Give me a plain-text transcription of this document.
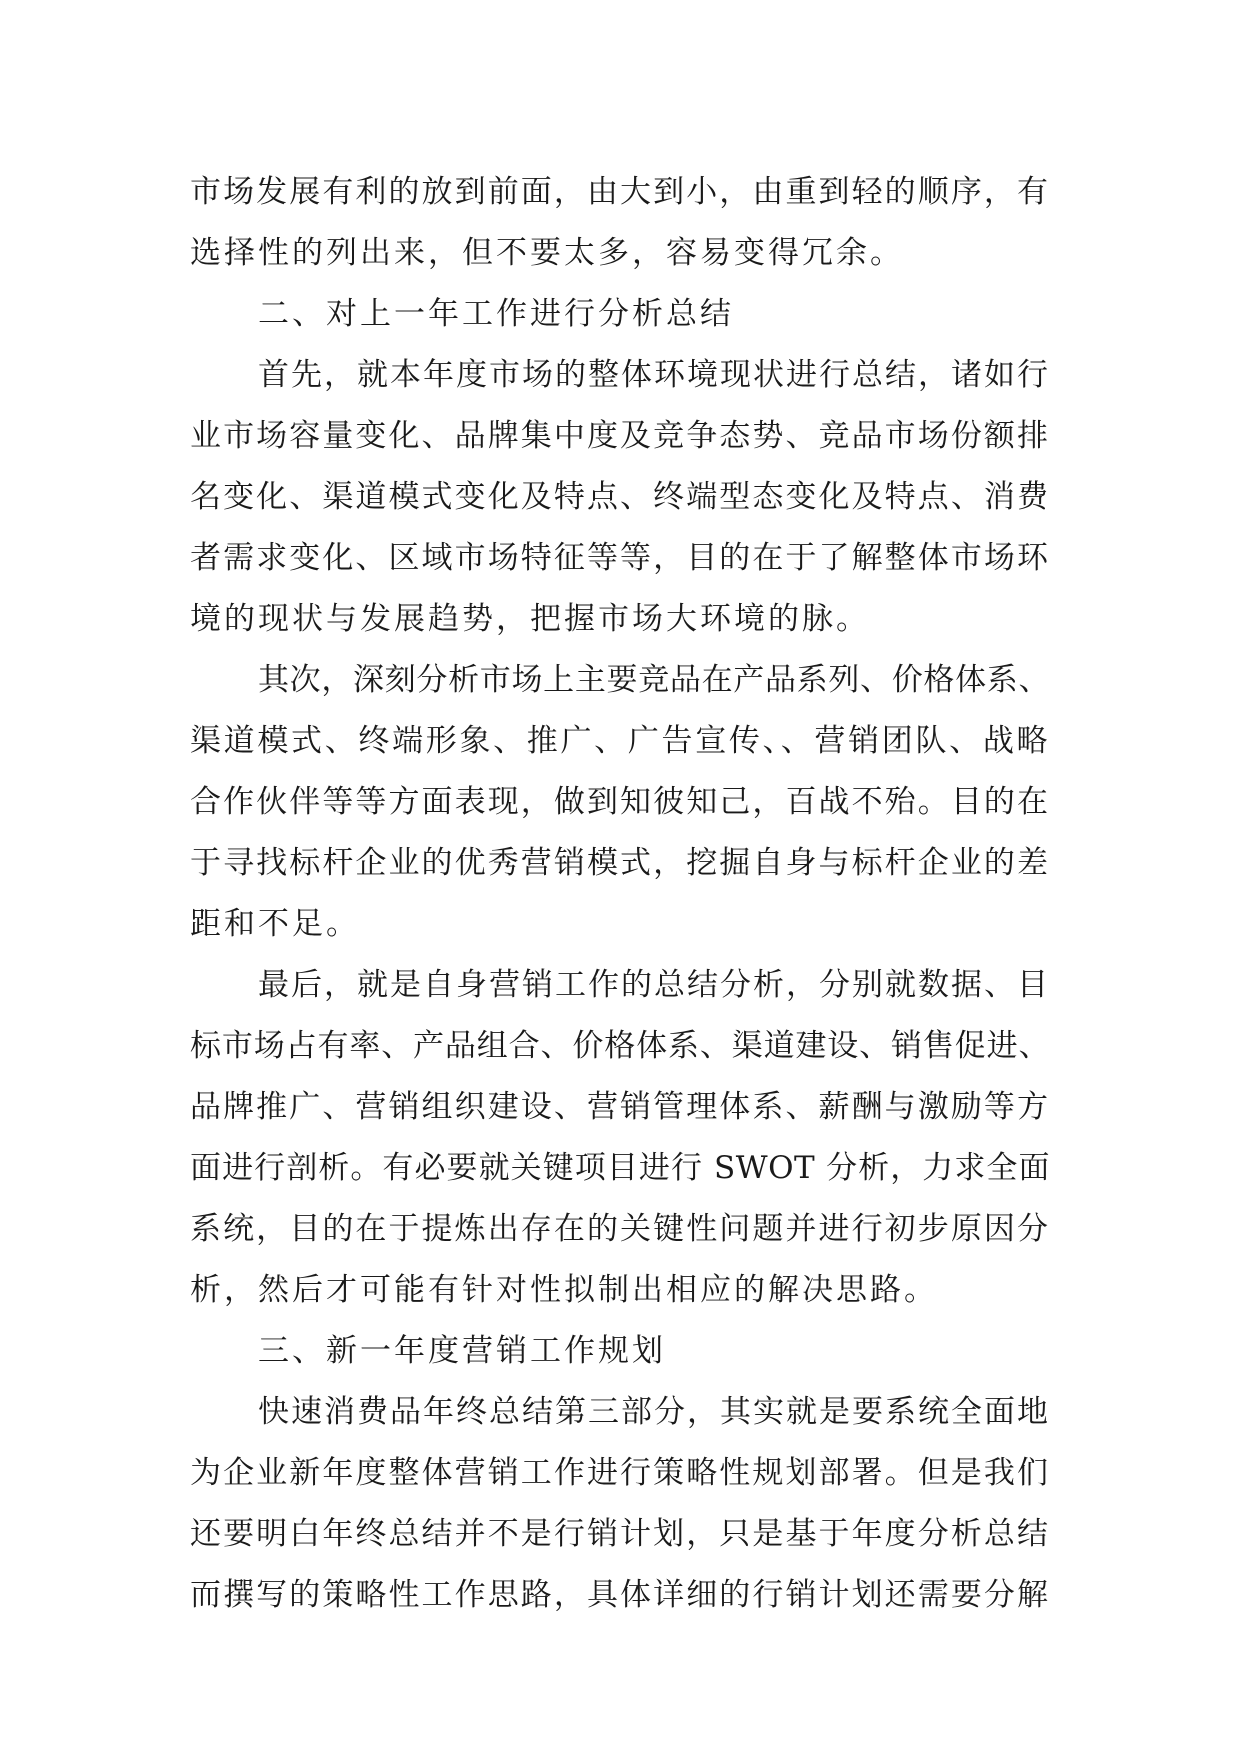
市场发展有利的放到前面，由大到小，由重到轻的顺序，有
选择性的列出来，但不要太多，容易变得冗余。
二、对上一年工作进行分析总结
首先，就本年度市场的整体环境现状进行总结，诸如行
业市场容量变化、品牌集中度及竞争态势、竞品市场份额排
名变化、渠道模式变化及特点、终端型态变化及特点、消费
者需求变化、区域市场特征等等，目的在于了解整体市场环
境的现状与发展趋势，把握市场大环境的脉。
其次，深刻分析市场上主要竞品在产品系列、价格体系、
渠道模式、终端形象、推广、广告宣传、、营销团队、战略
合作伙伴等等方面表现，做到知彼知己，百战不殆。目的在
于寻找标杆企业的优秀营销模式，挖掘自身与标杆企业的差
距和不足。
最后，就是自身营销工作的总结分析，分别就数据、目
标市场占有率、产品组合、价格体系、渠道建设、销售促进、
品牌推广、营销组织建设、营销管理体系、薪酬与激励等方
面进行剖析。有必要就关键项目进行 SWOT 分析，力求全面
系统，目的在于提炼出存在的关键性问题并进行初步原因分
析，然后才可能有针对性拟制出相应的解决思路。
三、新一年度营销工作规划
快速消费品年终总结第三部分，其实就是要系统全面地
为企业新年度整体营销工作进行策略性规划部署。但是我们
还要明白年终总结并不是行销计划，只是基于年度分析总结
而撰写的策略性工作思路，具体详细的行销计划还需要分解
